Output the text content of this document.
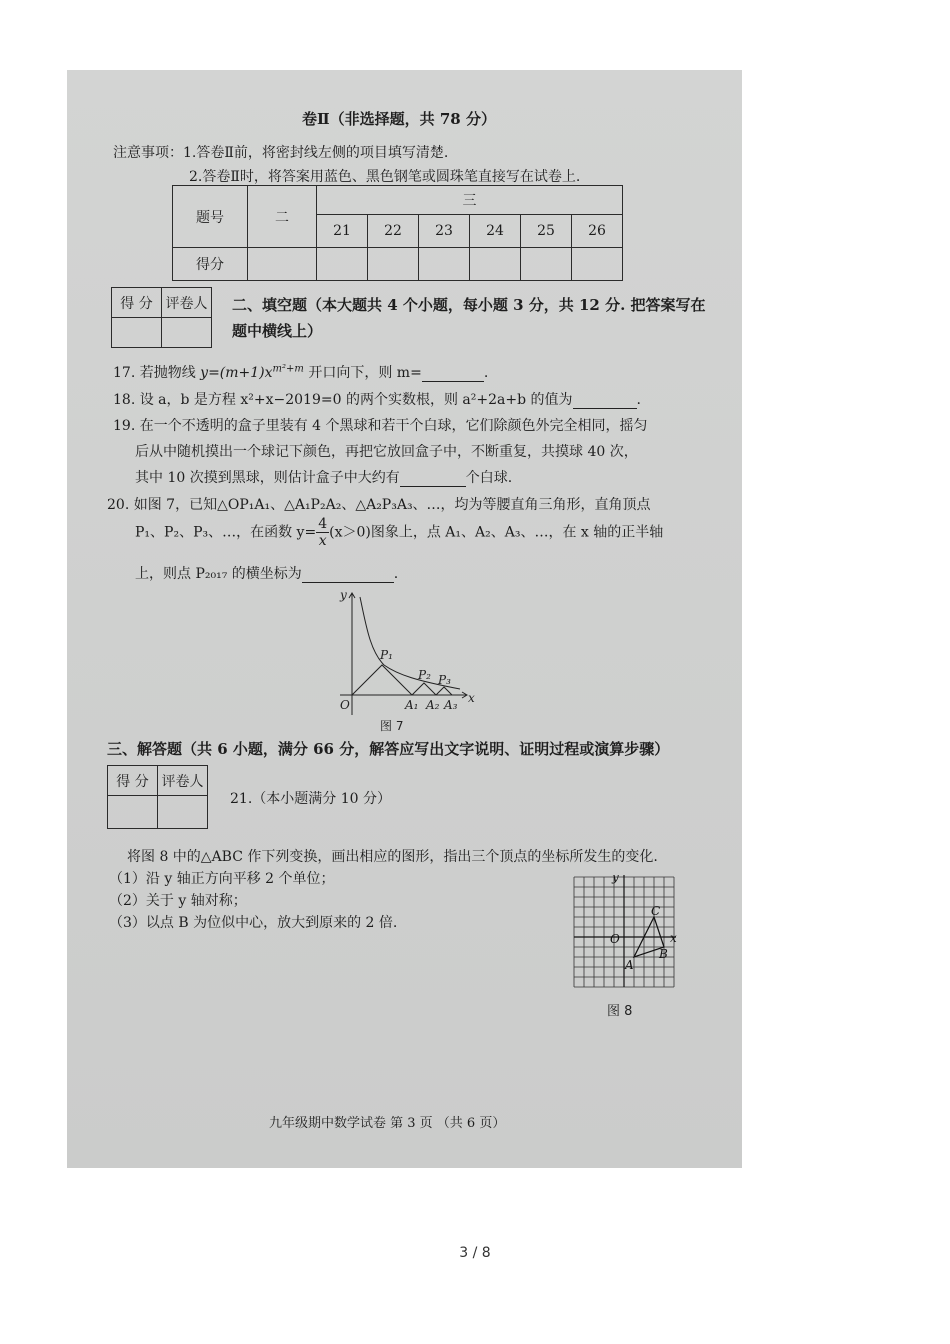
卷Ⅱ（非选择题，共 78 分）
注意事项：1.答卷Ⅱ前，将密封线左侧的项目填写清楚.
2.答卷Ⅱ时，将答案用蓝色、黑色钢笔或圆珠笔直接写在试卷上.
题号	二	三					
		21	22	23	24	25	26
得分							
得 分	评卷人
	二、填空题（本大题共 4 个小题，每小题 3 分，共 12 分. 把答案写在
题中横线上）
17. 若抛物线 $y=(m+1)x^{m^2+m}$ 开口向下，则 m=	.
18. 设 a，b 是方程 x²+x−2019=0 的两个实数根，则 a²+2a+b 的值为	.
19. 在一个不透明的盒子里装有 4 个黑球和若干个白球，它们除颜色外完全相同，摇匀
后从中随机摸出一个球记下颜色，再把它放回盒子中，不断重复，共摸球 40 次，
其中 10 次摸到黑球，则估计盒子中大约有	个白球.
20. 如图 7，已知△OP₁A₁、△A₁P₂A₂、△A₂P₃A₃、…，均为等腰直角三角形，直角顶点
P₁、P₂、P₃、…，在函数 $y= \frac{4}{x} (x>0)$图象上，点 A₁、A₂、A₃、…，在 x 轴的正半轴
上，则点 P₂₀₁₇ 的横坐标为	.
y
x
O
P₁
P₂ P₃
A₁ A₂ A₃
图 7
三、解答题（共 6 小题，满分 66 分，解答应写出文字说明、证明过程或演算步骤）
得 分	评卷人

21.（本小题满分 10 分）
将图 8 中的△ABC 作下列变换，画出相应的图形，指出三个顶点的坐标所发生的变化.
（1）沿 y 轴正方向平移 2 个单位；
（2）关于 y 轴对称；
（3）以点 B 为位似中心，放大到原来的 2 倍.
y
x
O
A
B
C
图 8
九年级期中数学试卷 第 3 页 （共 6 页）
3 / 8
